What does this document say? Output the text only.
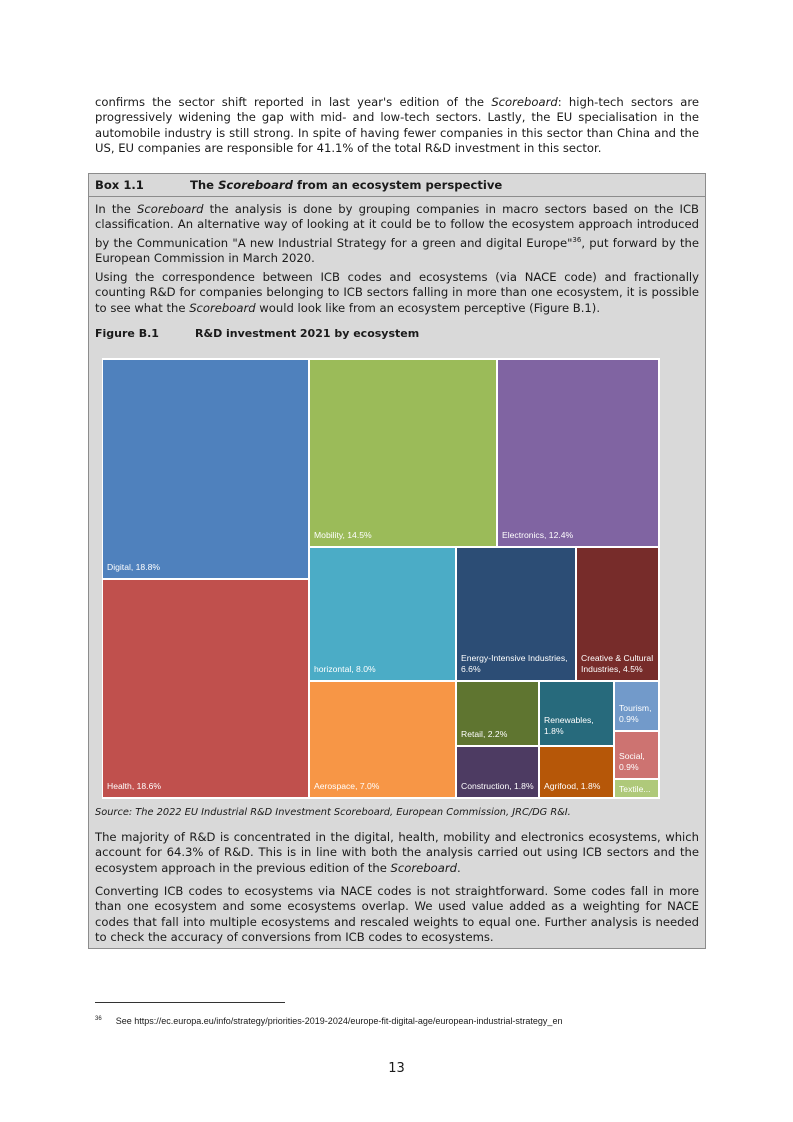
confirms the sector shift reported in last year's edition of the Scoreboard: high-tech sectors are progressively widening the gap with mid- and low-tech sectors. Lastly, the EU specialisation in the automobile industry is still strong. In spite of having fewer companies in this sector than China and the US, EU companies are responsible for 41.1% of the total R&D investment in this sector.

Box 1.1	The Scoreboard from an ecosystem perspective

In the Scoreboard the analysis is done by grouping companies in macro sectors based on the ICB classification. An alternative way of looking at it could be to follow the ecosystem approach introduced by the Communication "A new Industrial Strategy for a green and digital Europe"$^{36}$, put forward by the European Commission in March 2020.

Using the correspondence between ICB codes and ecosystems (via NACE code) and fractionally counting R&D for companies belonging to ICB sectors falling in more than one ecosystem, it is possible to see what the Scoreboard would look like from an ecosystem perceptive (Figure B.1).

Figure B.1	R&D investment 2021 by ecosystem
Digital, 18.8%
Health, 18.6%
Mobility, 14.5%	Electronics, 12.4%
horizontal, 8.0%
Aerospace, 7.0%
Energy-Intensive Industries, 6.6%
Creative & Cultural Industries, 4.5%
Retail, 2.2%
Renewables, 1.8%
Construction, 1.8% Agrifood, 1.8%
Tourism, 0.9%
Social, 0.9%
Textile...
Source: The 2022 EU Industrial R&D Investment Scoreboard, European Commission, JRC/DG R&I.

The majority of R&D is concentrated in the digital, health, mobility and electronics ecosystems, which account for 64.3% of R&D. This is in line with both the analysis carried out using ICB sectors and the ecosystem approach in the previous edition of the Scoreboard.

Converting ICB codes to ecosystems via NACE codes is not straightforward. Some codes fall in more than one ecosystem and some ecosystems overlap. We used value added as a weighting for NACE codes that fall into multiple ecosystems and rescaled weights to equal one. Further analysis is needed to check the accuracy of conversions from ICB codes to ecosystems.

$^{36}$ See https://ec.europa.eu/info/strategy/priorities-2019-2024/europe-fit-digital-age/european-industrial-strategy_en
13
